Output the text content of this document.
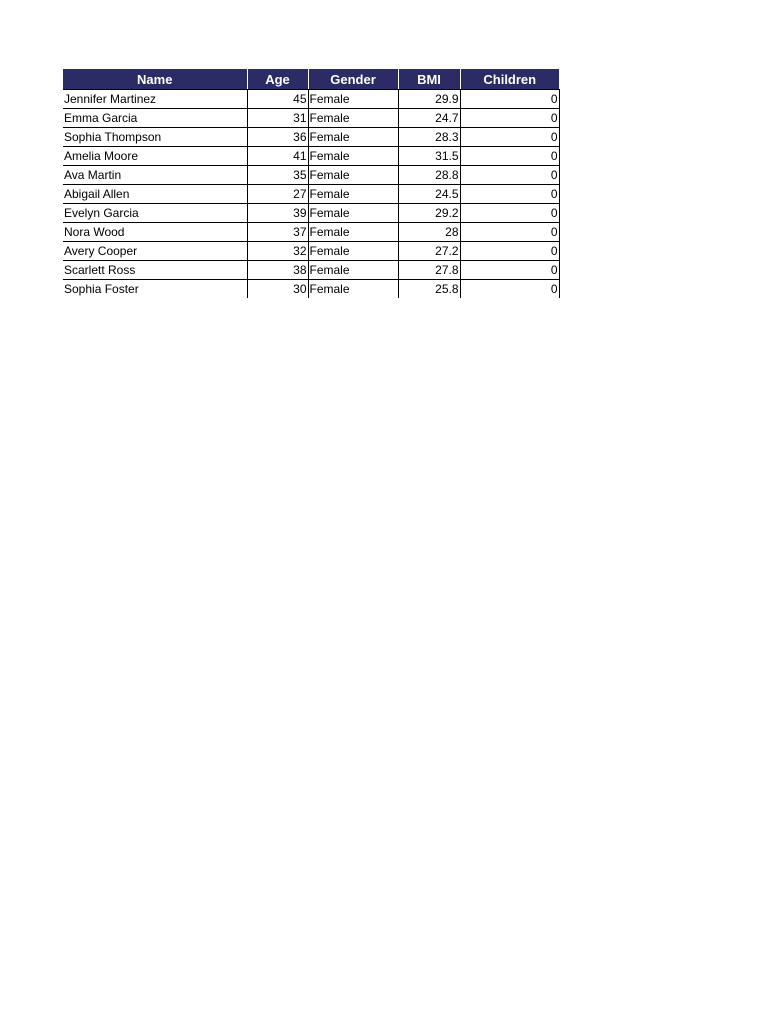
Name	Age	Gender	BMI	Children
Jennifer Martinez	45	Female	29.9	0
Emma Garcia	31	Female	24.7	0
Sophia Thompson	36	Female	28.3	0
Amelia Moore	41	Female	31.5	0
Ava Martin	35	Female	28.8	0
Abigail Allen	27	Female	24.5	0
Evelyn Garcia	39	Female	29.2	0
Nora Wood	37	Female	28	0
Avery Cooper	32	Female	27.2	0
Scarlett Ross	38	Female	27.8	0
Sophia Foster	30	Female	25.8	0
